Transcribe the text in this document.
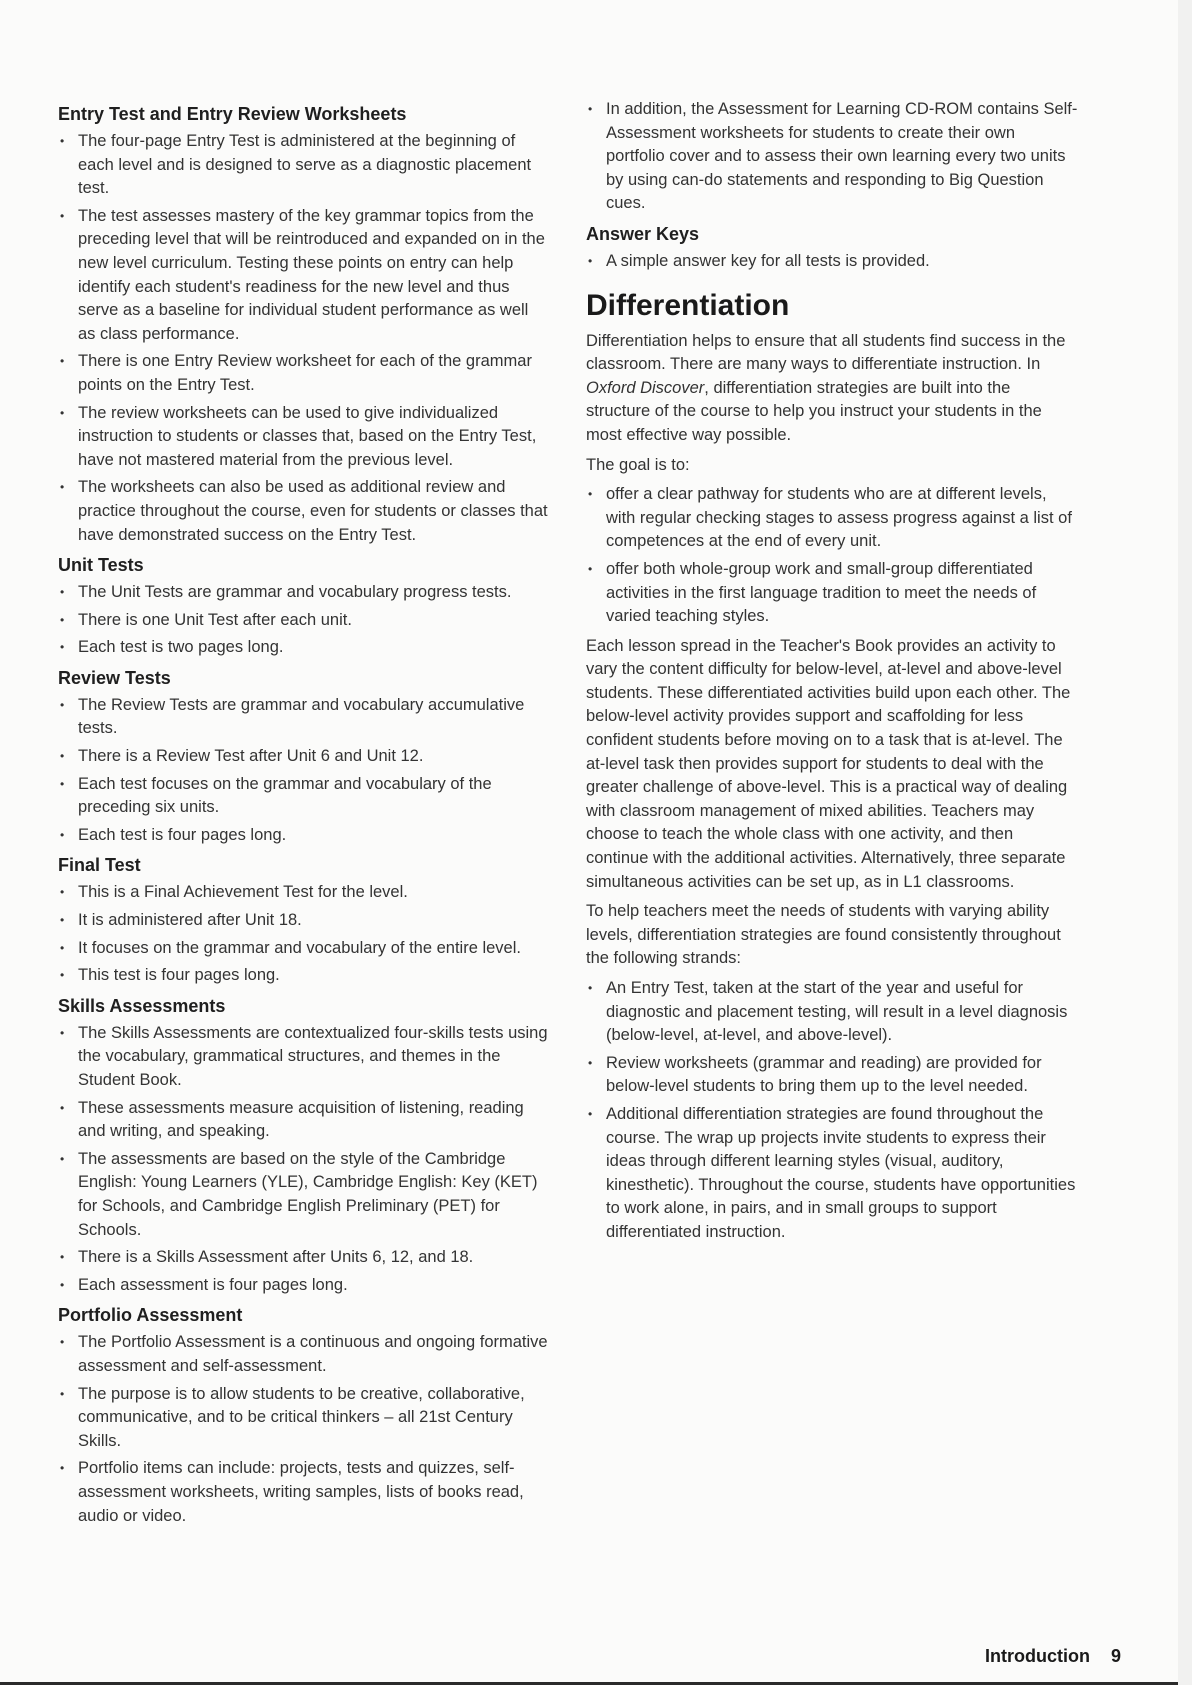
Entry Test and Entry Review Worksheets
• The four-page Entry Test is administered at the beginning of each level and is designed to serve as a diagnostic placement test.
• The test assesses mastery of the key grammar topics from the preceding level that will be reintroduced and expanded on in the new level curriculum. Testing these points on entry can help identify each student's readiness for the new level and thus serve as a baseline for individual student performance as well as class performance.
• There is one Entry Review worksheet for each of the grammar points on the Entry Test.
• The review worksheets can be used to give individualized instruction to students or classes that, based on the Entry Test, have not mastered material from the previous level.
• The worksheets can also be used as additional review and practice throughout the course, even for students or classes that have demonstrated success on the Entry Test.
Unit Tests
• The Unit Tests are grammar and vocabulary progress tests.
• There is one Unit Test after each unit.
• Each test is two pages long.
Review Tests
• The Review Tests are grammar and vocabulary accumulative tests.
• There is a Review Test after Unit 6 and Unit 12.
• Each test focuses on the grammar and vocabulary of the preceding six units.
• Each test is four pages long.
Final Test
• This is a Final Achievement Test for the level.
• It is administered after Unit 18.
• It focuses on the grammar and vocabulary of the entire level.
• This test is four pages long.
Skills Assessments
• The Skills Assessments are contextualized four-skills tests using the vocabulary, grammatical structures, and themes in the Student Book.
• These assessments measure acquisition of listening, reading and writing, and speaking.
• The assessments are based on the style of the Cambridge English: Young Learners (YLE), Cambridge English: Key (KET) for Schools, and Cambridge English Preliminary (PET) for Schools.
• There is a Skills Assessment after Units 6, 12, and 18.
• Each assessment is four pages long.
Portfolio Assessment
• The Portfolio Assessment is a continuous and ongoing formative assessment and self-assessment.
• The purpose is to allow students to be creative, collaborative, communicative, and to be critical thinkers – all 21st Century Skills.
• Portfolio items can include: projects, tests and quizzes, self-assessment worksheets, writing samples, lists of books read, audio or video.
• In addition, the Assessment for Learning CD-ROM contains Self-Assessment worksheets for students to create their own portfolio cover and to assess their own learning every two units by using can-do statements and responding to Big Question cues.
Answer Keys
• A simple answer key for all tests is provided.
Differentiation

Differentiation helps to ensure that all students find success in the classroom. There are many ways to differentiate instruction. In Oxford Discover, differentiation strategies are built into the structure of the course to help you instruct your students in the most effective way possible.

The goal is to:

• offer a clear pathway for students who are at different levels, with regular checking stages to assess progress against a list of competences at the end of every unit.
• offer both whole-group work and small-group differentiated activities in the first language tradition to meet the needs of varied teaching styles.

Each lesson spread in the Teacher's Book provides an activity to vary the content difficulty for below-level, at-level and above-level students. These differentiated activities build upon each other. The below-level activity provides support and scaffolding for less confident students before moving on to a task that is at-level. The at-level task then provides support for students to deal with the greater challenge of above-level. This is a practical way of dealing with classroom management of mixed abilities. Teachers may choose to teach the whole class with one activity, and then continue with the additional activities. Alternatively, three separate simultaneous activities can be set up, as in L1 classrooms.

To help teachers meet the needs of students with varying ability levels, differentiation strategies are found consistently throughout the following strands:

• An Entry Test, taken at the start of the year and useful for diagnostic and placement testing, will result in a level diagnosis (below-level, at-level, and above-level).
• Review worksheets (grammar and reading) are provided for below-level students to bring them up to the level needed.
• Additional differentiation strategies are found throughout the course. The wrap up projects invite students to express their ideas through different learning styles (visual, auditory, kinesthetic). Throughout the course, students have opportunities to work alone, in pairs, and in small groups to support differentiated instruction.
Introduction 9
